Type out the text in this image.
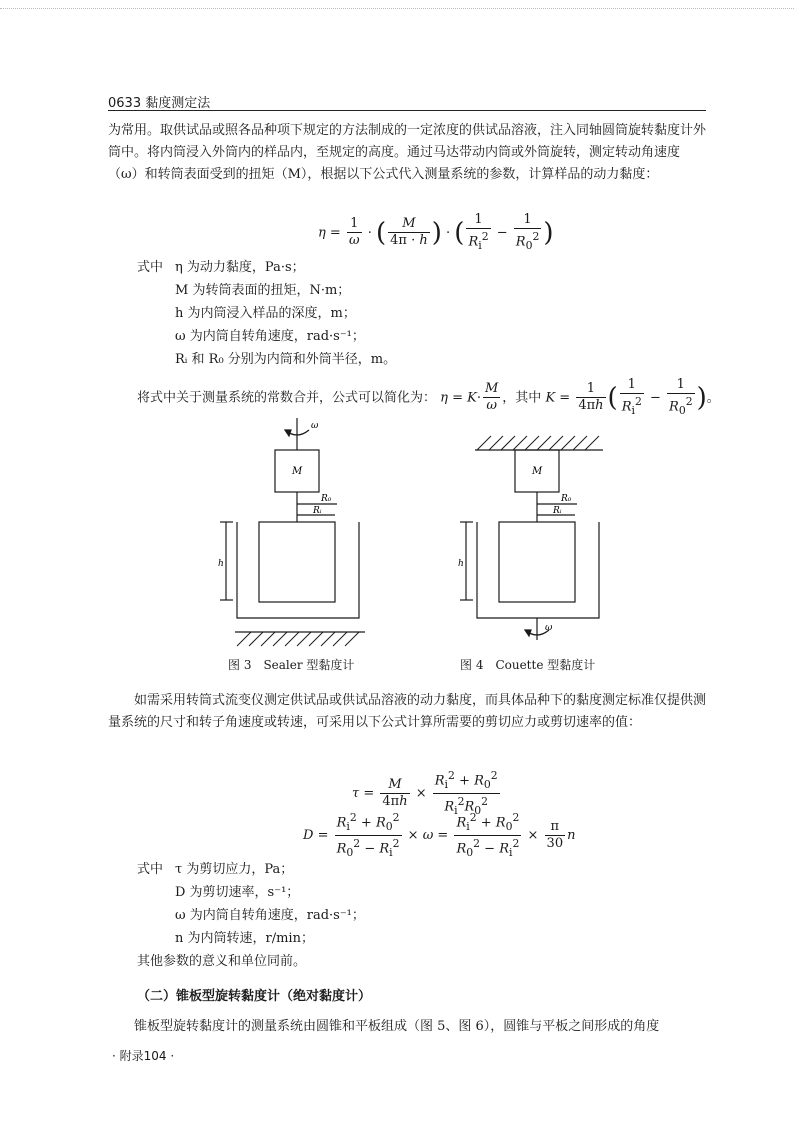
0633 黏度测定法

为常用。取供试品或照各品种项下规定的方法制成的一定浓度的供试品溶液，注入同轴圆筒旋转黏度计外筒中。将内筒浸入外筒内的样品内，至规定的高度。通过马达带动内筒或外筒旋转，测定转动角速度（ω）和转筒表面受到的扭矩（M），根据以下公式代入测量系统的参数，计算样品的动力黏度：

$\eta = \frac{1}{\omega}$ · ( $\frac{M}{4\pi \cdot h}$ ) · ( $\frac{1}{R_i^2} - \frac{1}{R_0^2}$ )
式中 η 为动力黏度，Pa·s；
M 为转筒表面的扭矩，N·m；
h 为内筒浸入样品的深度，m；
ω 为内筒自转角速度，rad·s⁻¹；
Rᵢ 和 R₀ 分别为内筒和外筒半径，m。
将式中关于测量系统的常数合并，公式可以简化为： $\eta = K\cdot \frac{M}{\omega}$ ，其中 $K = \frac{1}{4\pi h}$ ( $\frac{1}{R_i^2} - \frac{1}{R_0^2}$ )。
ω
M
R₀
Rᵢ
h
图 3　Sealer 型黏度计
ω
M
R₀
Rᵢ
h
图 4　Couette 型黏度计

如需采用转筒式流变仪测定供试品或供试品溶液的动力黏度，而具体品种下的黏度测定标准仅提供测量系统的尺寸和转子角速度或转速，可采用以下公式计算所需要的剪切应力或剪切速率的值：

$\tau = \frac{M}{4\pi h} \times \frac{R_i^2 + R_0^2}{R_i^2R_0^2}$
$D = \frac{R_i^2 + R_0^2}{R_0^2 - R_i^2} \times \omega = \frac{R_i^2 + R_0^2}{R_0^2 - R_i^2} \times \frac{\pi}{30}$ n
式中 τ 为剪切应力，Pa；
D 为剪切速率，s⁻¹；
ω 为内筒自转角速度，rad·s⁻¹；
n 为内筒转速，r/min；
其他参数的意义和单位同前。
（二）锥板型旋转黏度计（绝对黏度计）

锥板型旋转黏度计的测量系统由圆锥和平板组成（图 5、图 6），圆锥与平板之间形成的角度

· 附录104 ·
